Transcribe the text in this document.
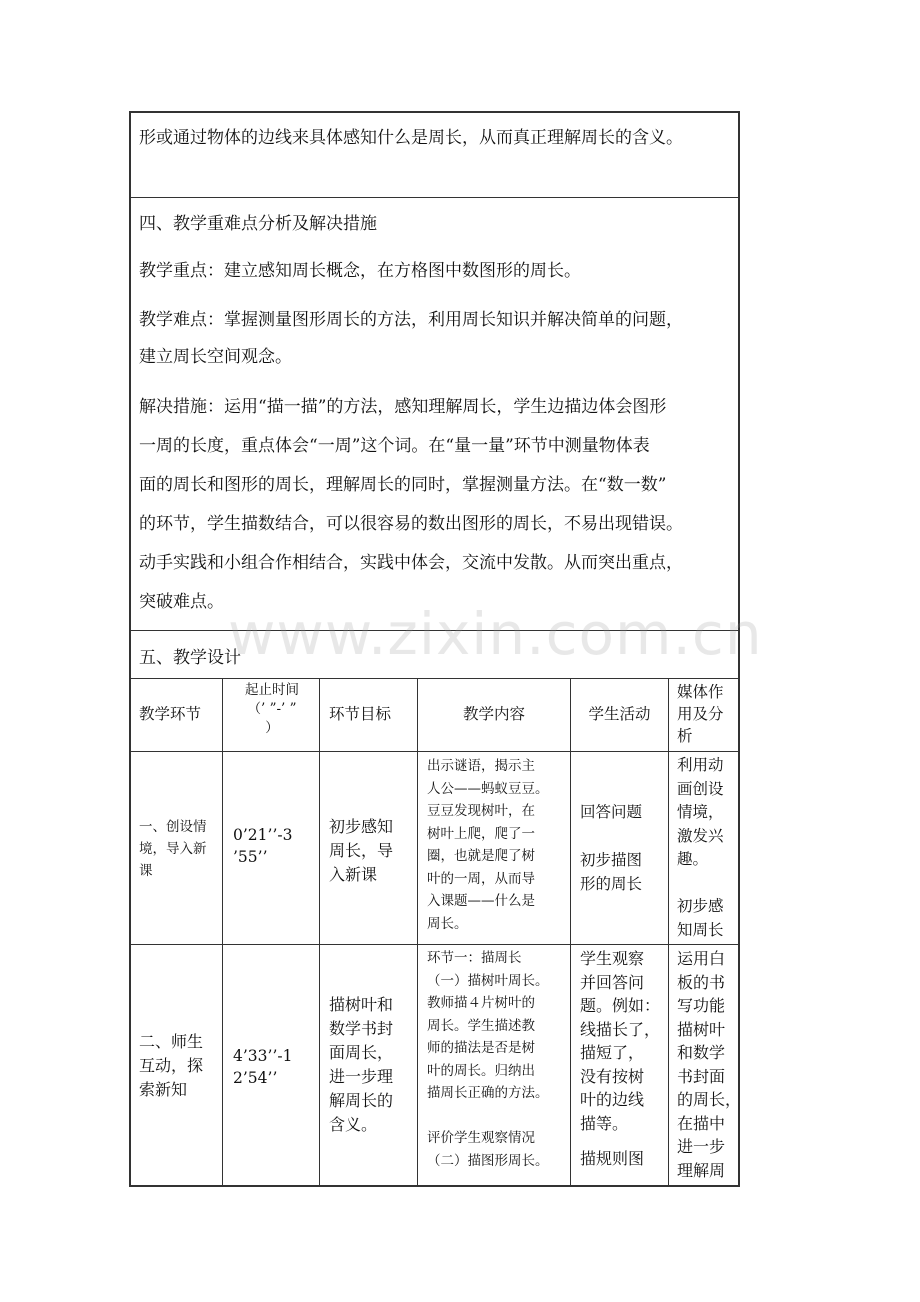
形或通过物体的边线来具体感知什么是周长，从而真正理解周长的含义。
四、教学重难点分析及解决措施
教学重点：建立感知周长概念，在方格图中数图形的周长。
教学难点：掌握测量图形周长的方法，利用周长知识并解决简单的问题，
建立周长空间观念。
解决措施：运用“描一描”的方法，感知理解周长，学生边描边体会图形
一周的长度，重点体会“一周”这个词。在“量一量”环节中测量物体表
面的周长和图形的周长，理解周长的同时，掌握测量方法。在“数一数”
的环节，学生描数结合，可以很容易的数出图形的周长，不易出现错误。
动手实践和小组合作相结合，实践中体会，交流中发散。从而突出重点，
突破难点。
五、教学设计
教学环节
起止时间
（’ ”-’ ”
）
环节目标	教学内容	学生活动
媒体作
用及分
析
一、创设情
境，导入新
课
0’21’’-3
’55’’
初步感知
周长，导
入新课
出示谜语，揭示主
人公——蚂蚁豆豆。
豆豆发现树叶，在
树叶上爬，爬了一
圈，也就是爬了树
叶的一周，从而导
入课题——什么是
周长。
回答问题
初步描图
形的周长
利用动
画创设
情境，
激发兴
趣。
初步感
知周长
二、师生
互动，探
索新知
4’33’’-1
2’54’’
描树叶和
数学书封
面周长，
进一步理
解周长的
含义。
环节一：描周长
（一）描树叶周长。
教师描４片树叶的
周长。学生描述教
师的描法是否是树
叶的周长。归纳出
描周长正确的方法。
评价学生观察情况
（二）描图形周长。
学生观察
并回答问
题。例如：
线描长了，
描短了，
没有按树
叶的边线
描等。
描规则图
运用白
板的书
写功能
描树叶
和数学
书封面
的周长，
在描中
进一步
理解周
www.zixin.com.cn
